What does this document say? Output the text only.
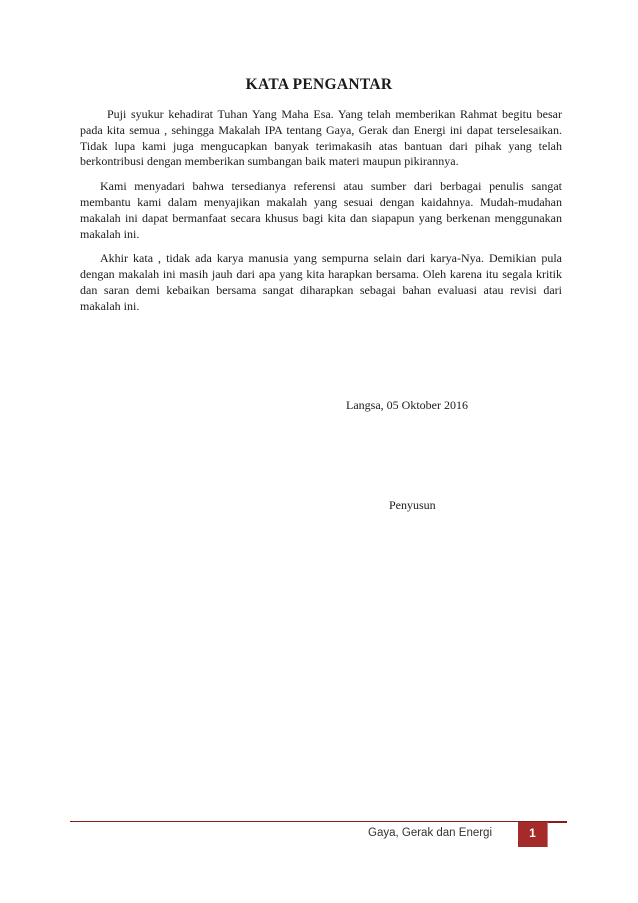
KATA PENGANTAR

Puji syukur kehadirat Tuhan Yang Maha Esa. Yang telah memberikan Rahmat begitu besar pada kita semua , sehingga Makalah IPA tentang Gaya, Gerak dan Energi ini dapat terselesaikan. Tidak lupa kami juga mengucapkan banyak terimakasih atas bantuan dari pihak yang telah berkontribusi dengan memberikan sumbangan baik materi maupun pikirannya.

Kami menyadari bahwa tersedianya referensi atau sumber dari berbagai penulis sangat membantu kami dalam menyajikan makalah yang sesuai dengan kaidahnya. Mudah-mudahan makalah ini dapat bermanfaat secara khusus bagi kita dan siapapun yang berkenan menggunakan makalah ini.

Akhir kata , tidak ada karya manusia yang sempurna selain dari karya-Nya. Demikian pula dengan makalah ini masih jauh dari apa yang kita harapkan bersama. Oleh karena itu segala kritik dan saran demi kebaikan bersama sangat diharapkan sebagai bahan evaluasi atau revisi dari makalah ini.

Langsa, 05 Oktober 2016
Penyusun
Gaya, Gerak dan Energi	1
